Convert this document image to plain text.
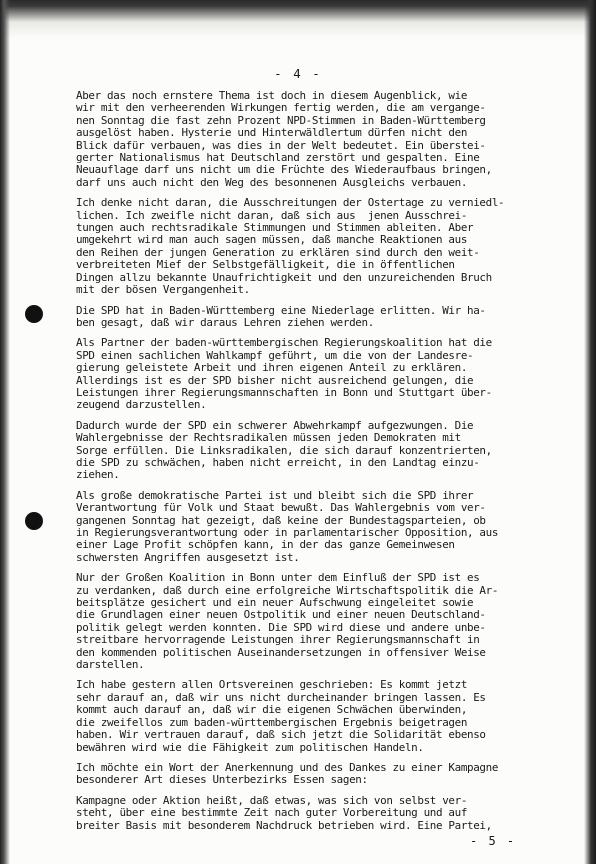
- 4 -
Aber das noch ernstere Thema ist doch in diesem Augenblick, wie
wir mit den verheerenden Wirkungen fertig werden, die am vergange-
nen Sonntag die fast zehn Prozent NPD-Stimmen in Baden-Württemberg
ausgelöst haben. Hysterie und Hinterwäldlertum dürfen nicht den
Blick dafür verbauen, was dies in der Welt bedeutet. Ein überstei-
gerter Nationalismus hat Deutschland zerstört und gespalten. Eine
Neuauflage darf uns nicht um die Früchte des Wiederaufbaus bringen,
darf uns auch nicht den Weg des besonnenen Ausgleichs verbauen.
Ich denke nicht daran, die Ausschreitungen der Ostertage zu verniedl-
lichen. Ich zweifle nicht daran, daß sich aus  jenen Ausschrei-
tungen auch rechtsradikale Stimmungen und Stimmen ableiten. Aber
umgekehrt wird man auch sagen müssen, daß manche Reaktionen aus
den Reihen der jungen Generation zu erklären sind durch den weit-
verbreiteten Mief der Selbstgefälligkeit, die in öffentlichen
Dingen allzu bekannte Unaufrichtigkeit und den unzureichenden Bruch
mit der bösen Vergangenheit.
Die SPD hat in Baden-Württemberg eine Niederlage erlitten. Wir ha-
ben gesagt, daß wir daraus Lehren ziehen werden.
Als Partner der baden-württembergischen Regierungskoalition hat die
SPD einen sachlichen Wahlkampf geführt, um die von der Landesre-
gierung geleistete Arbeit und ihren eigenen Anteil zu erklären.
Allerdings ist es der SPD bisher nicht ausreichend gelungen, die
Leistungen ihrer Regierungsmannschaften in Bonn und Stuttgart über-
zeugend darzustellen.
Dadurch wurde der SPD ein schwerer Abwehrkampf aufgezwungen. Die
Wahlergebnisse der Rechtsradikalen müssen jeden Demokraten mit
Sorge erfüllen. Die Linksradikalen, die sich darauf konzentrierten,
die SPD zu schwächen, haben nicht erreicht, in den Landtag einzu-
ziehen.
Als große demokratische Partei ist und bleibt sich die SPD ihrer
Verantwortung für Volk und Staat bewußt. Das Wahlergebnis vom ver-
gangenen Sonntag hat gezeigt, daß keine der Bundestagsparteien, ob
in Regierungsverantwortung oder in parlamentarischer Opposition, aus
einer Lage Profit schöpfen kann, in der das ganze Gemeinwesen
schwersten Angriffen ausgesetzt ist.
Nur der Großen Koalition in Bonn unter dem Einfluß der SPD ist es
zu verdanken, daß durch eine erfolgreiche Wirtschaftspolitik die Ar-
beitsplätze gesichert und ein neuer Aufschwung eingeleitet sowie
die Grundlagen einer neuen Ostpolitik und einer neuen Deutschland-
politik gelegt werden konnten. Die SPD wird diese und andere unbe-
streitbare hervorragende Leistungen ihrer Regierungsmannschaft in
den kommenden politischen Auseinandersetzungen in offensiver Weise
darstellen.
Ich habe gestern allen Ortsvereinen geschrieben: Es kommt jetzt
sehr darauf an, daß wir uns nicht durcheinander bringen lassen. Es
kommt auch darauf an, daß wir die eigenen Schwächen überwinden,
die zweifellos zum baden-württembergischen Ergebnis beigetragen
haben. Wir vertrauen darauf, daß sich jetzt die Solidarität ebenso
bewähren wird wie die Fähigkeit zum politischen Handeln.
Ich möchte ein Wort der Anerkennung und des Dankes zu einer Kampagne
besonderer Art dieses Unterbezirks Essen sagen:
Kampagne oder Aktion heißt, daß etwas, was sich von selbst ver-
steht, über eine bestimmte Zeit nach guter Vorbereitung und auf
breiter Basis mit besonderem Nachdruck betrieben wird. Eine Partei,
- 5 -
